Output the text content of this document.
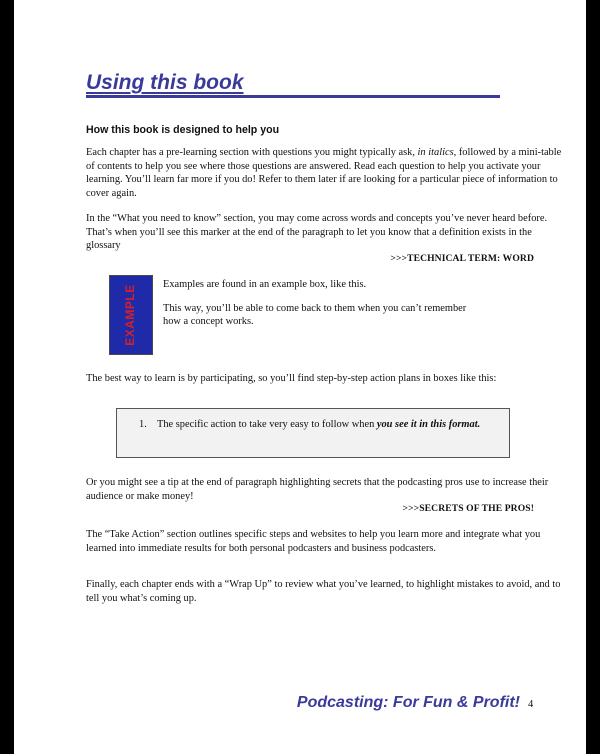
Using this book
How this book is designed to help you

Each chapter has a pre-learning section with questions you might typically ask, in italics, followed by a mini-table of contents to help you see where those questions are answered. Read each question to help you activate your learning. You’ll learn far more if you do! Refer to them later if are looking for a particular piece of information to cover again.

In the “What you need to know” section, you may come across words and concepts you’ve never heard before. That’s when you’ll see this marker at the end of the paragraph to let you know that a definition exists in the glossary

>>>TECHNICAL TERM: WORD
EXAMPLE Examples are found in an example box, like this.

This way, you’ll be able to come back to them when you can’t remember how a concept works.

The best way to learn is by participating, so you’ll find step-by-step action plans in boxes like this:

1. The specific action to take very easy to follow when you see it in this format.

Or you might see a tip at the end of paragraph highlighting secrets that the podcasting pros use to increase their audience or make money!

>>>SECRETS OF THE PROS!

The “Take Action” section outlines specific steps and websites to help you learn more and integrate what you learned into immediate results for both personal podcasters and business podcasters.

Finally, each chapter ends with a “Wrap Up” to review what you’ve learned, to highlight mistakes to avoid, and to tell you what’s coming up.

Podcasting: For Fun & Profit! 4
